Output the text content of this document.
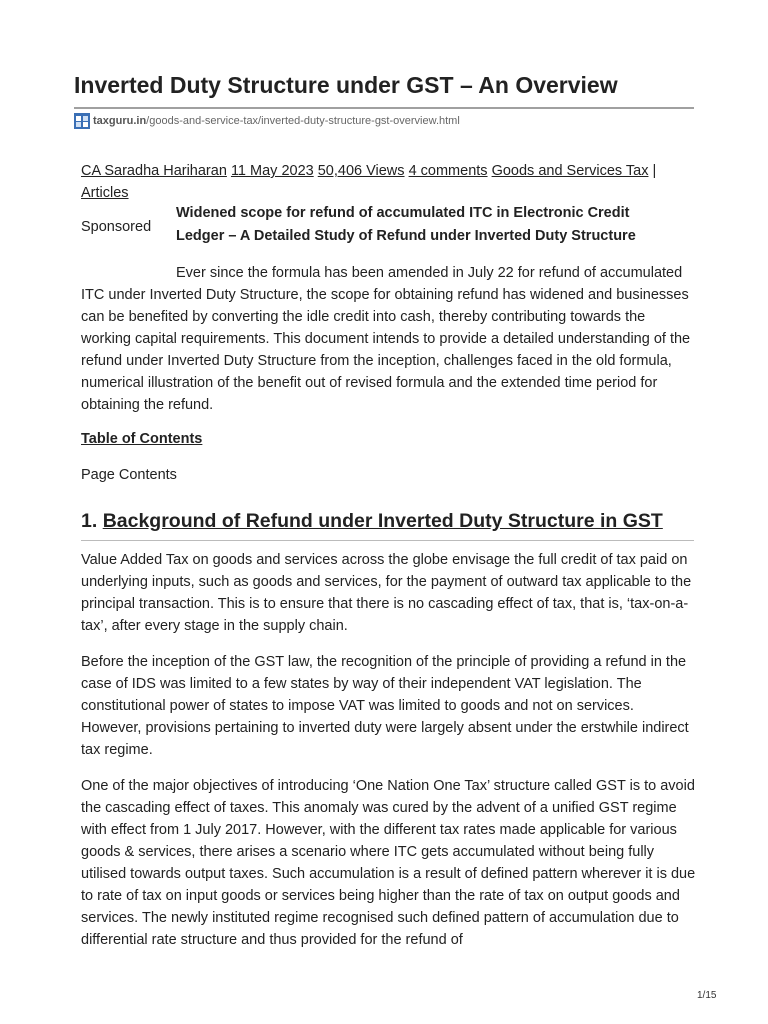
Inverted Duty Structure under GST – An Overview
taxguru.in /goods-and-service-tax/inverted-duty-structure-gst-overview.html
CA Saradha Hariharan 11 May 2023 50,406 Views 4 comments Goods and Services Tax | Articles
Sponsored
Widened scope for refund of accumulated ITC in Electronic Credit Ledger – A Detailed Study of Refund under Inverted Duty Structure

Ever since the formula has been amended in July 22 for refund of accumulated ITC under Inverted Duty Structure, the scope for obtaining refund has widened and businesses can be benefited by converting the idle credit into cash, thereby contributing towards the working capital requirements. This document intends to provide a detailed understanding of the refund under Inverted Duty Structure from the inception, challenges faced in the old formula, numerical illustration of the benefit out of revised formula and the extended time period for obtaining the refund.

Table of Contents
Page Contents
1. Background of Refund under Inverted Duty Structure in GST

Value Added Tax on goods and services across the globe envisage the full credit of tax paid on underlying inputs, such as goods and services, for the payment of outward tax applicable to the principal transaction. This is to ensure that there is no cascading effect of tax, that is, ‘tax-on-a-tax’, after every stage in the supply chain.

Before the inception of the GST law, the recognition of the principle of providing a refund in the case of IDS was limited to a few states by way of their independent VAT legislation. The constitutional power of states to impose VAT was limited to goods and not on services. However, provisions pertaining to inverted duty were largely absent under the erstwhile indirect tax regime.

One of the major objectives of introducing ‘One Nation One Tax’ structure called GST is to avoid the cascading effect of taxes. This anomaly was cured by the advent of a unified GST regime with effect from 1 July 2017. However, with the different tax rates made applicable for various goods & services, there arises a scenario where ITC gets accumulated without being fully utilised towards output taxes. Such accumulation is a result of defined pattern wherever it is due to rate of tax on input goods or services being higher than the rate of tax on output goods and services. The newly instituted regime recognised such defined pattern of accumulation due to differential rate structure and thus provided for the refund of

1/15
